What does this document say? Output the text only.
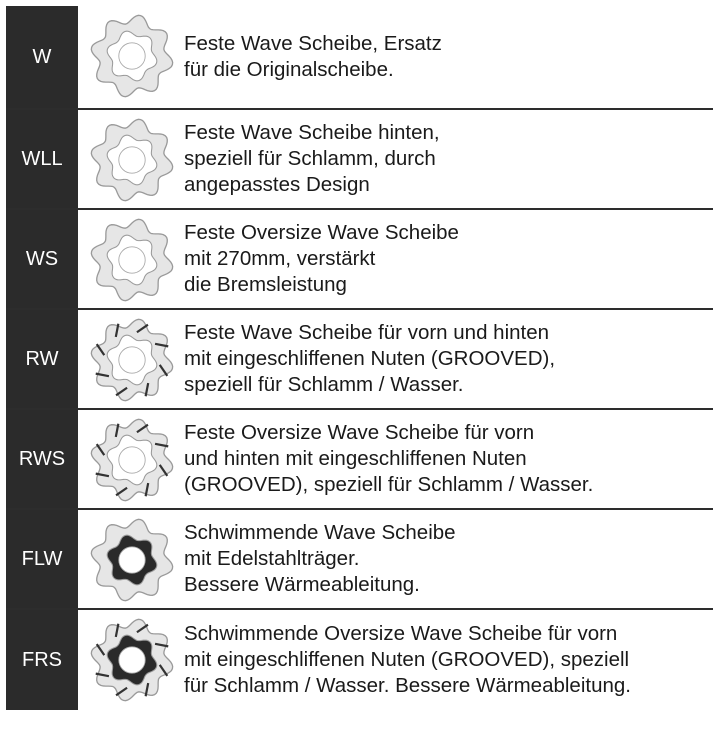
W
Feste Wave Scheibe, Ersatz
für die Originalscheibe.
WLL
Feste Wave Scheibe hinten,
speziell für Schlamm, durch
angepasstes Design
WS
Feste Oversize Wave Scheibe
mit 270mm, verstärkt
die Bremsleistung
RW
Feste Wave Scheibe für vorn und hinten
mit eingeschliffenen Nuten (GROOVED),
speziell für Schlamm / Wasser.
RWS
Feste Oversize Wave Scheibe für vorn
und hinten mit eingeschliffenen Nuten
(GROOVED), speziell für Schlamm / Wasser.
FLW
Schwimmende Wave Scheibe
mit Edelstahlträger.
Bessere Wärmeableitung.
FRS
Schwimmende Oversize Wave Scheibe für vorn
mit eingeschliffenen Nuten (GROOVED), speziell
für Schlamm / Wasser. Bessere Wärmeableitung.
